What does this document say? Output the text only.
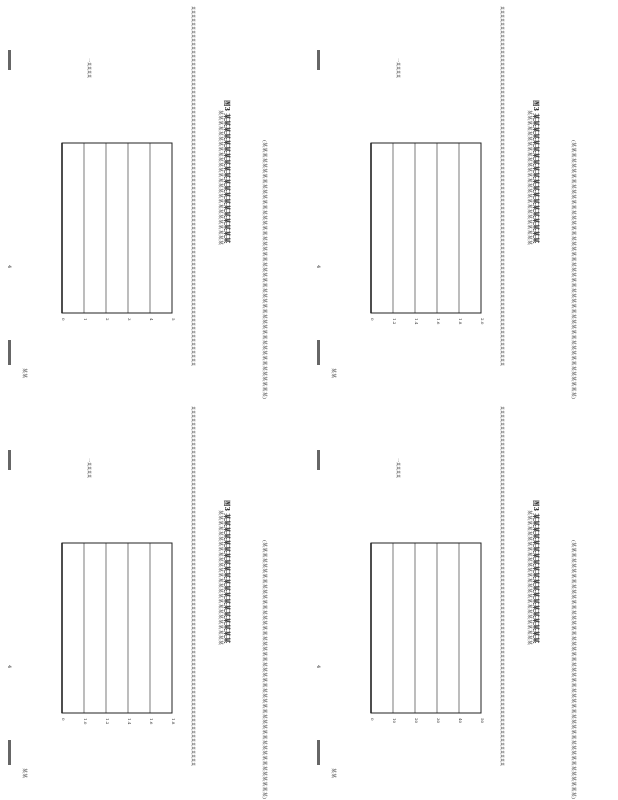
4
某某
0	1	2	3	4	5
一某某某某
图3 某某某某某某某某某某某某某某某某某某某某
某某某某某某某某某某某某某某某某某某某某某某某某某某	(某某某某某某某某某某某某某某某某某某某某某某某某某某某某某某某某某某某某某某某某某某某某某某某某某)
某某某某某某某某某某某某某某某某某某某某某某某某某某某某某某某某某某某某某某某某某某某某某某某某某某某某某某某某某某某某某某某某某某某某某某某某某某某某某某某某某某某某某某某某某某	4
某某
0	1.2	1.4	1.6	1.8	2.0
一某某某某
图3 某某某某某某某某某某某某某某某某某某某某
某某某某某某某某某某某某某某某某某某某某某某某某某某	(某某某某某某某某某某某某某某某某某某某某某某某某某某某某某某某某某某某某某某某某某某某某某某某某某)
某某某某某某某某某某某某某某某某某某某某某某某某某某某某某某某某某某某某某某某某某某某某某某某某某某某某某某某某某某某某某某某某某某某某某某某某某某某某某某某某某某某某某某某某某某
4
某某
0	1.0	1.2	1.4	1.6	1.8
一某某某某
图3 某某某某某某某某某某某某某某某某某某某某
某某某某某某某某某某某某某某某某某某某某某某某某某某	(某某某某某某某某某某某某某某某某某某某某某某某某某某某某某某某某某某某某某某某某某某某某某某某某某)
某某某某某某某某某某某某某某某某某某某某某某某某某某某某某某某某某某某某某某某某某某某某某某某某某某某某某某某某某某某某某某某某某某某某某某某某某某某某某某某某某某某某某某某某某某	4
某某
0	10	20	30	40	50
一某某某某
图3 某某某某某某某某某某某某某某某某某某某某
某某某某某某某某某某某某某某某某某某某某某某某某某某	(某某某某某某某某某某某某某某某某某某某某某某某某某某某某某某某某某某某某某某某某某某某某某某某某某)
某某某某某某某某某某某某某某某某某某某某某某某某某某某某某某某某某某某某某某某某某某某某某某某某某某某某某某某某某某某某某某某某某某某某某某某某某某某某某某某某某某某某某某某某某某
